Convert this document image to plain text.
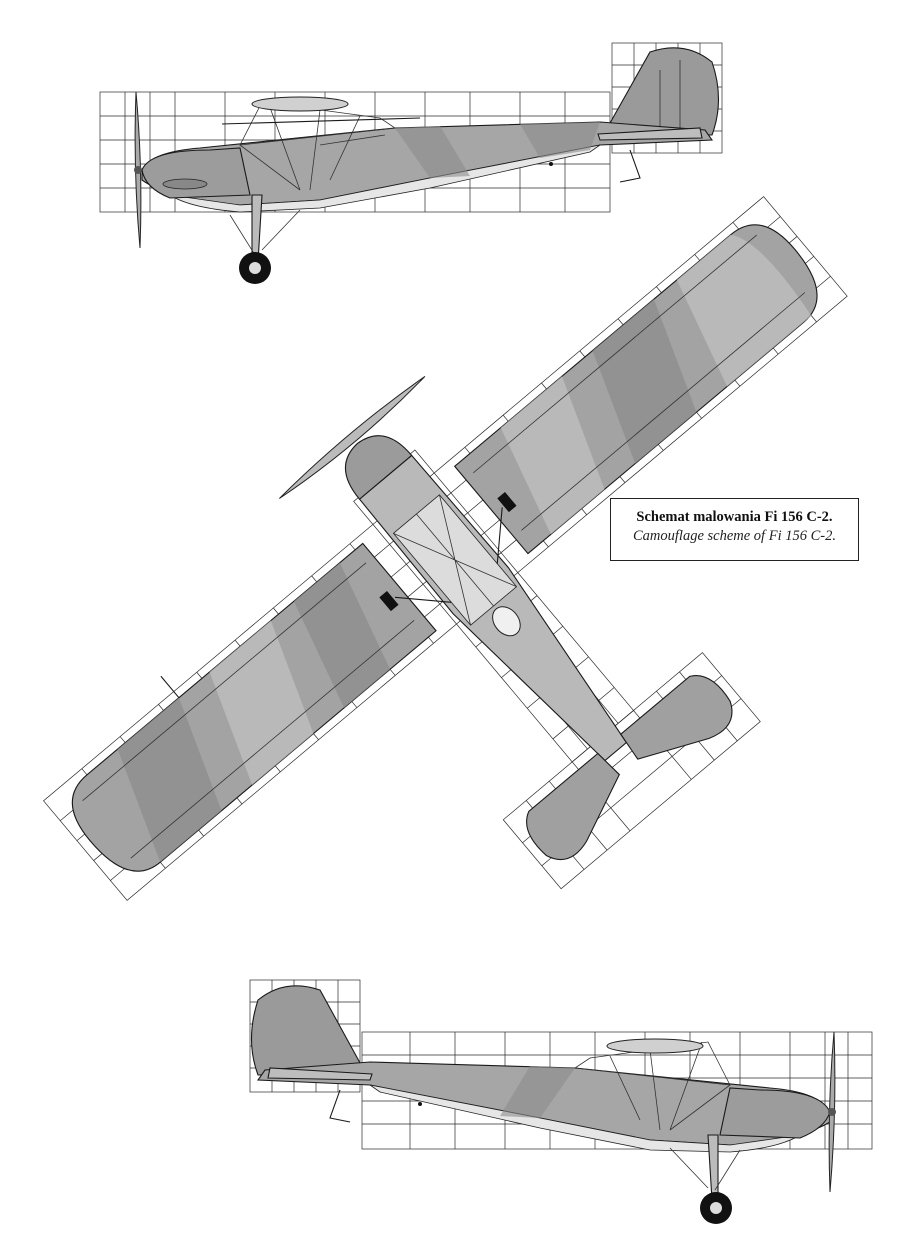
Schemat malowania Fi 156 C-2.
Camouflage scheme of Fi 156 C-2.
